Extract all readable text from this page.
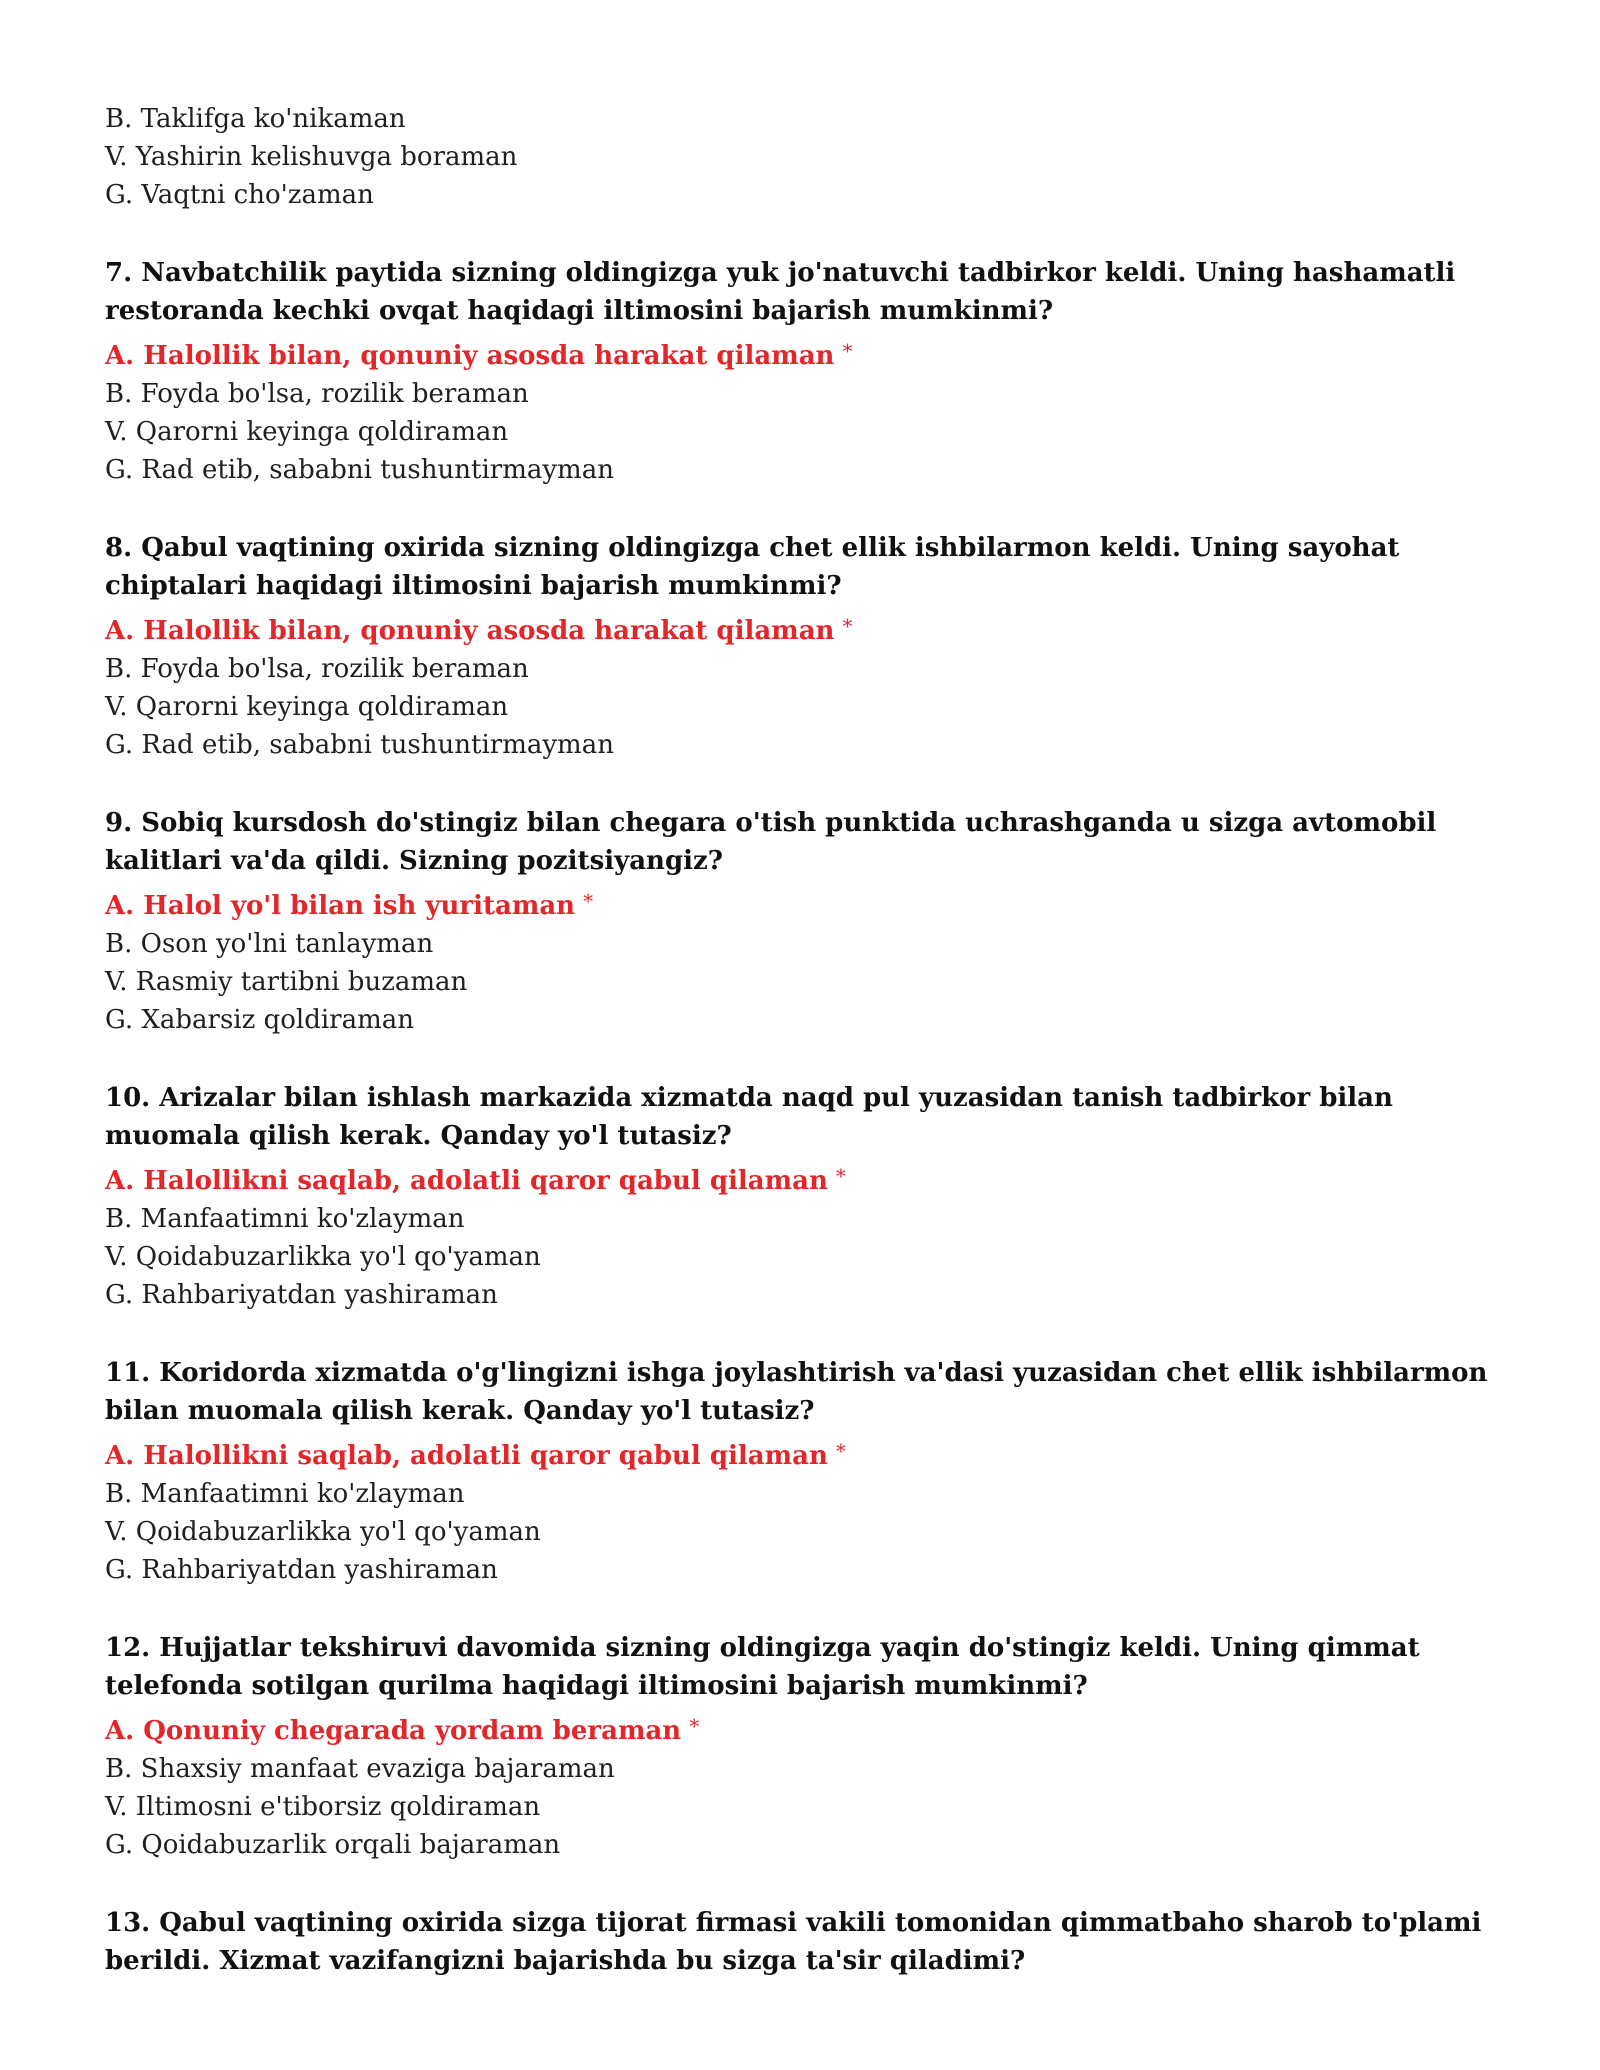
B. Taklifga ko'nikaman

V. Yashirin kelishuvga boraman

G. Vaqtni cho'zaman

7. Navbatchilik paytida sizning oldingizga yuk jo'natuvchi tadbirkor keldi. Uning hashamatli restoranda kechki ovqat haqidagi iltimosini bajarish mumkinmi?

A. Halollik bilan, qonuniy asosda harakat qilaman *

B. Foyda bo'lsa, rozilik beraman

V. Qarorni keyinga qoldiraman

G. Rad etib, sababni tushuntirmayman

8. Qabul vaqtining oxirida sizning oldingizga chet ellik ishbilarmon keldi. Uning sayohat chiptalari haqidagi iltimosini bajarish mumkinmi?

A. Halollik bilan, qonuniy asosda harakat qilaman *

B. Foyda bo'lsa, rozilik beraman

V. Qarorni keyinga qoldiraman

G. Rad etib, sababni tushuntirmayman

9. Sobiq kursdosh do'stingiz bilan chegara o'tish punktida uchrashganda u sizga avtomobil kalitlari va'da qildi. Sizning pozitsiyangiz?

A. Halol yo'l bilan ish yuritaman *

B. Oson yo'lni tanlayman

V. Rasmiy tartibni buzaman

G. Xabarsiz qoldiraman

10. Arizalar bilan ishlash markazida xizmatda naqd pul yuzasidan tanish tadbirkor bilan muomala qilish kerak. Qanday yo'l tutasiz?

A. Halollikni saqlab, adolatli qaror qabul qilaman *

B. Manfaatimni ko'zlayman

V. Qoidabuzarlikka yo'l qo'yaman

G. Rahbariyatdan yashiraman

11. Koridorda xizmatda o'g'lingizni ishga joylashtirish va'dasi yuzasidan chet ellik ishbilarmon bilan muomala qilish kerak. Qanday yo'l tutasiz?

A. Halollikni saqlab, adolatli qaror qabul qilaman *

B. Manfaatimni ko'zlayman

V. Qoidabuzarlikka yo'l qo'yaman

G. Rahbariyatdan yashiraman

12. Hujjatlar tekshiruvi davomida sizning oldingizga yaqin do'stingiz keldi. Uning qimmat telefonda sotilgan qurilma haqidagi iltimosini bajarish mumkinmi?

A. Qonuniy chegarada yordam beraman *

B. Shaxsiy manfaat evaziga bajaraman

V. Iltimosni e'tiborsiz qoldiraman

G. Qoidabuzarlik orqali bajaraman

13. Qabul vaqtining oxirida sizga tijorat firmasi vakili tomonidan qimmatbaho sharob to'plami berildi. Xizmat vazifangizni bajarishda bu sizga ta'sir qiladimi?
